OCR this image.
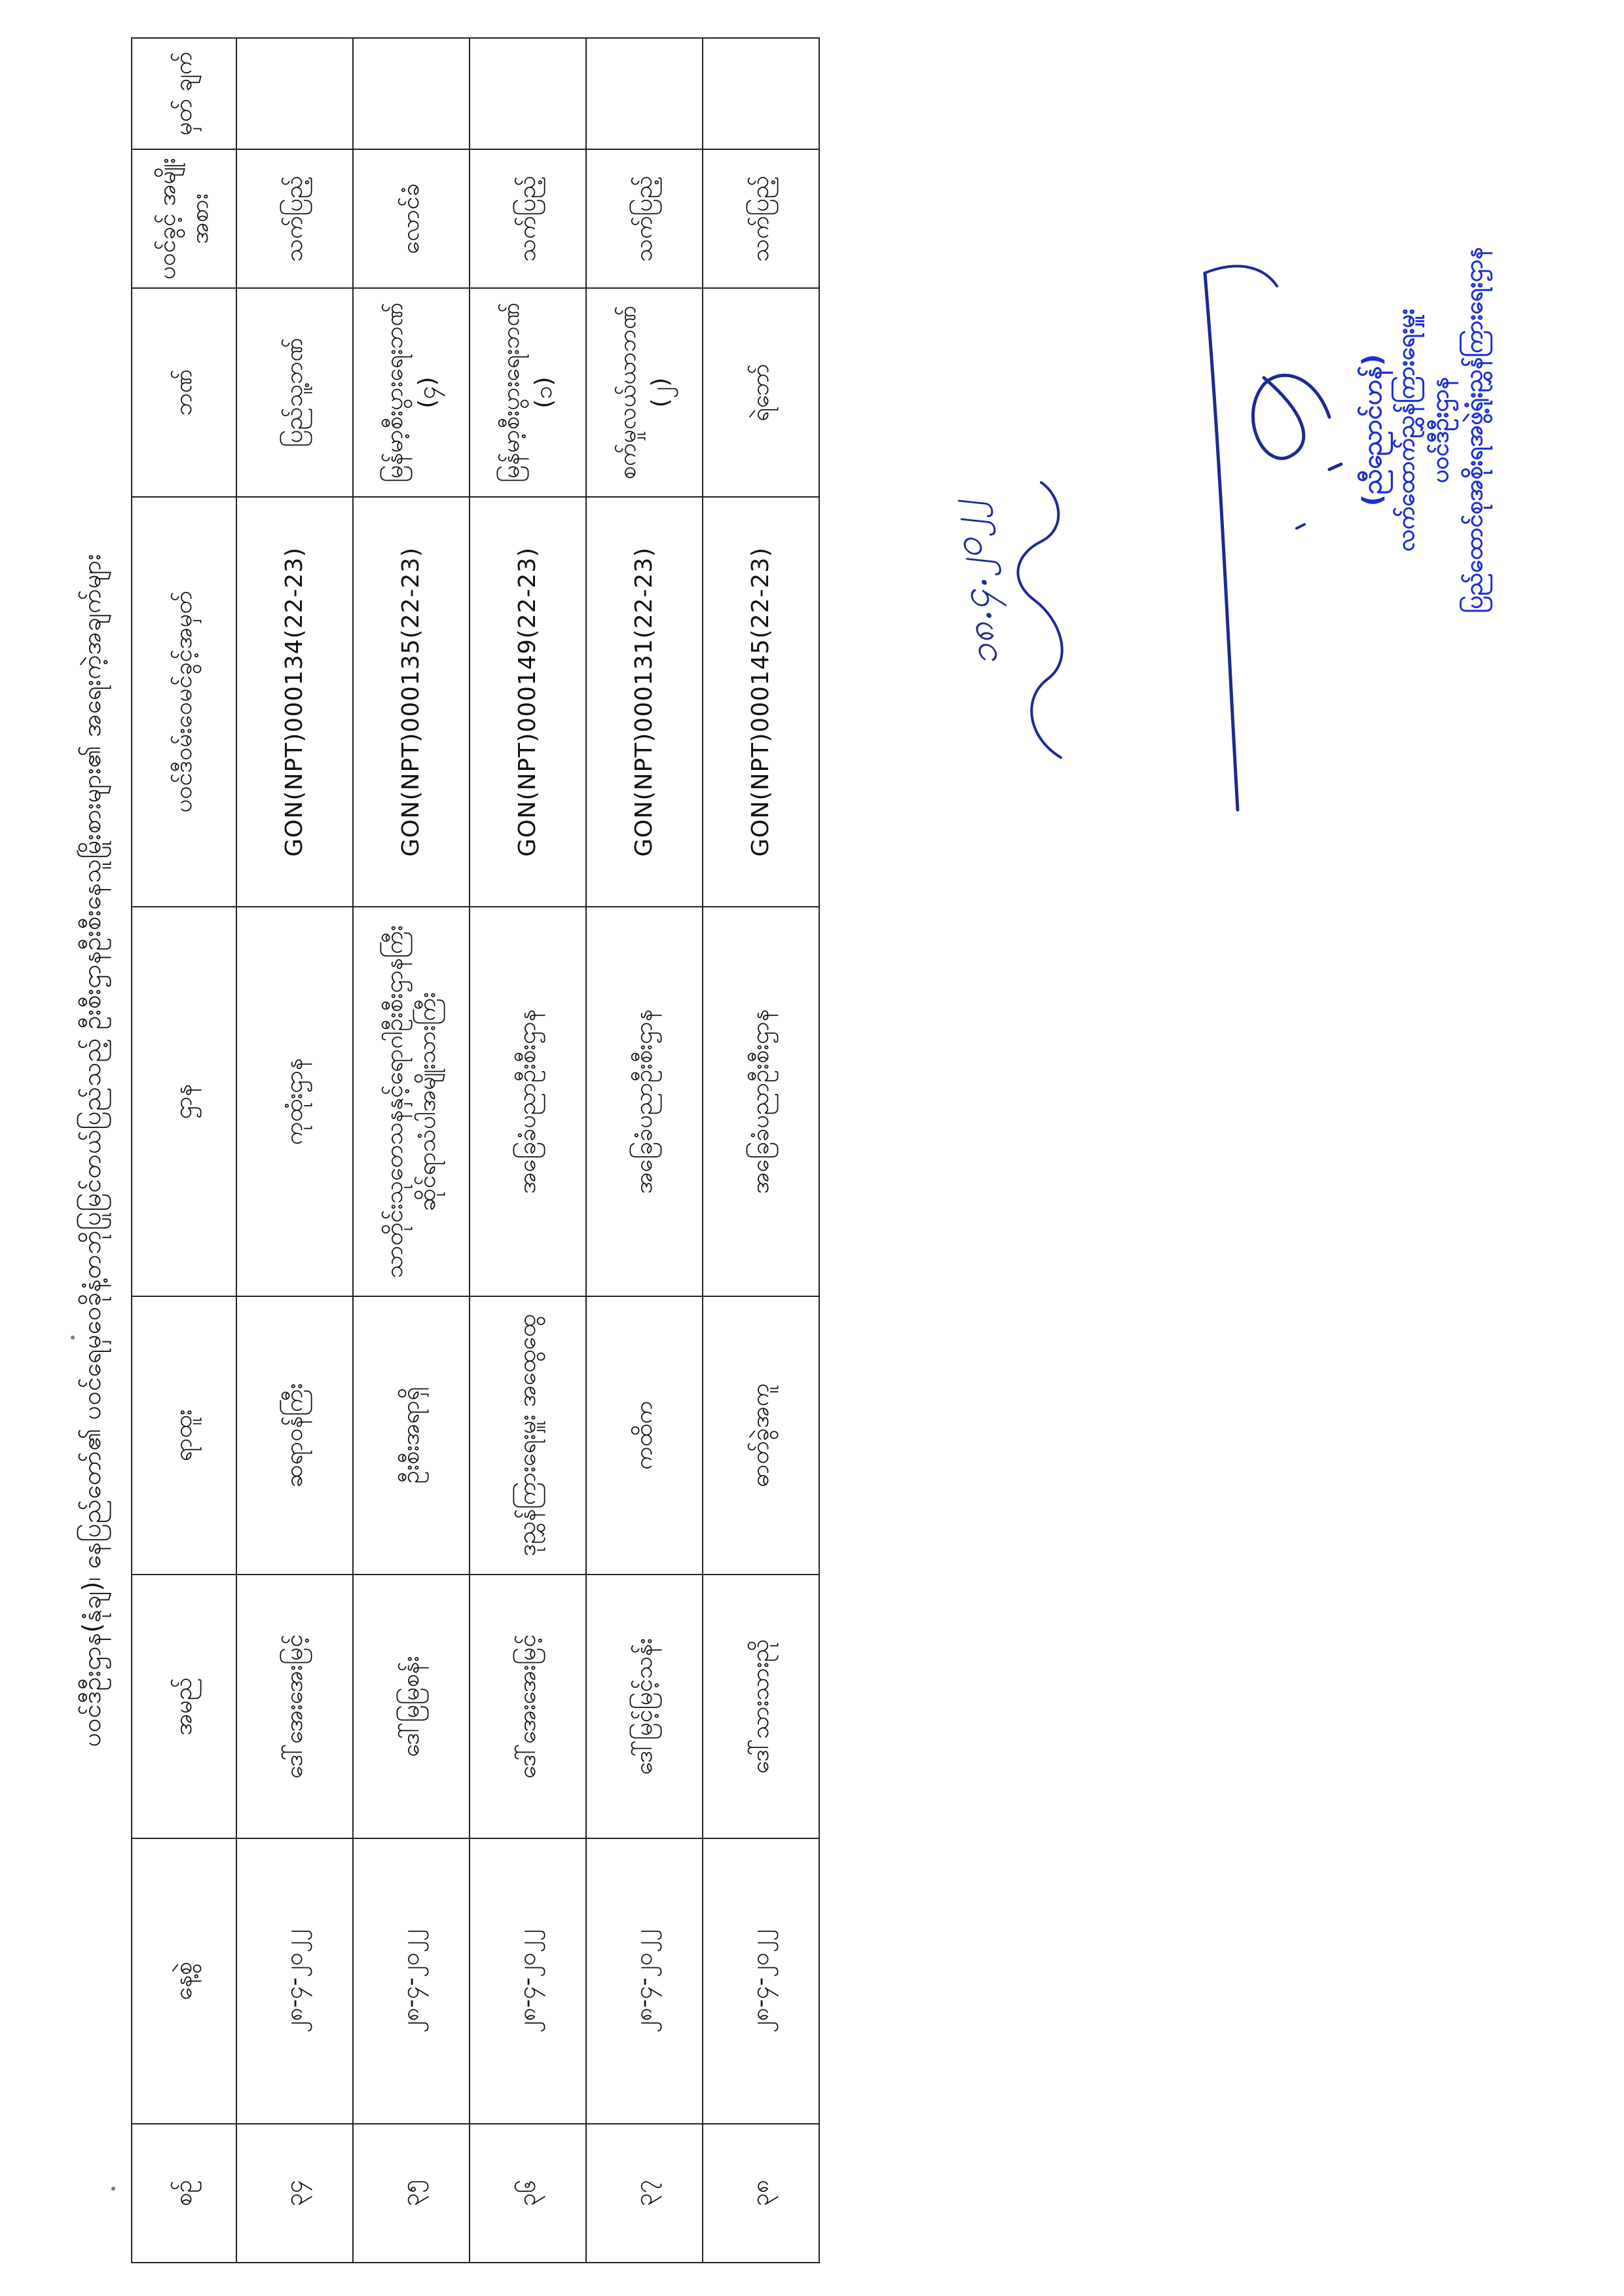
ပဝင်ဒီဦးဌာန(နုံချ)၊ နေပြည်တော်၏ ပဝင်ရေမှဝေခိုနံ့တဘိုပြုမြင်တယ်ပြည်သည့် ဦးစီးဌာနဦးစီးနေသူမြိုးစားများ၏ အရေးကဲ့အချက်များ
စဉ်	နေ့စွဲ	အမည်	ရာထူး	ဌာန	ပဝင်ဒီဝမ်းဝေမင်ခွင့်အမှတ်	ဘဏ်	ပဝင်ခွင့် အမျိုးအစား	မှတ် ချက်
၃၄	၂၈-၄-၂၀၂၂	ဒေါ်အေးအေးမြင့်	ဆရာဝန်ကြီး	ကုထုံးဌာန	GON(NPT)000134(22-23)	ပြည်သူ့ဘဏ်	သက်ပြည့်	
၃၅	၂၈-၄-၂၀၂၂	ဒေါ်မြမြစန်း	ဦးစီးအရာရှိ	သာတိုင်းသုတေသနနှင့်ရောဂါဦးစီးဌာနကြီးဆိုင်ရာသံပါအမျိုးသားကြီး	GON(NPT)000135(22-23)	မြန်မာ့စီးပွားရေးဘဏ် (၄)	လောင်ခံ	
၃၆	၂၈-၄-၂၀၂၂	ဒေါ်အေးအေးမြင့်	ဒုညွှန်ကြားရေးမှူး အထွေထွေ	အခြေခံပညာဦးစီးဌာန	GON(NPT)000149(22-23)	မြန်မာ့စီးပွားရေးဘဏ် (၁)	သက်ပြည့်	
၃၇	၂၈-၄-၂၀၂၂	ဒေါ်မြင့်မြင့်သန်း	ကထိက	အခြေခံပညာဦးစီးဌာန	GON(NPT)000131(22-23)	စက်မှုလယ်ယာဘဏ် (၂)	သက်ပြည့်	
၃၈	၂၈-၄-၂၀၂၂	ဒေါ်သားသားညို	ဓာတ်ခွဲအကူ	အခြေခံပညာဦးစီးဌာန	GON(NPT)000145(22-23)	ရဲဘော်	သက်ပြည့်	
၁၈.၄.၂၀၂၂
(ညီညောင်ဟန်) လက်ထောက်ညွှန်ကြားရေးမှူး ပဝင်ဒီဦးဌာန ပြည်ထောင်စုအစိုးရအဖွဲ့ရုံးညွှန်ကြားရေးဌာန
